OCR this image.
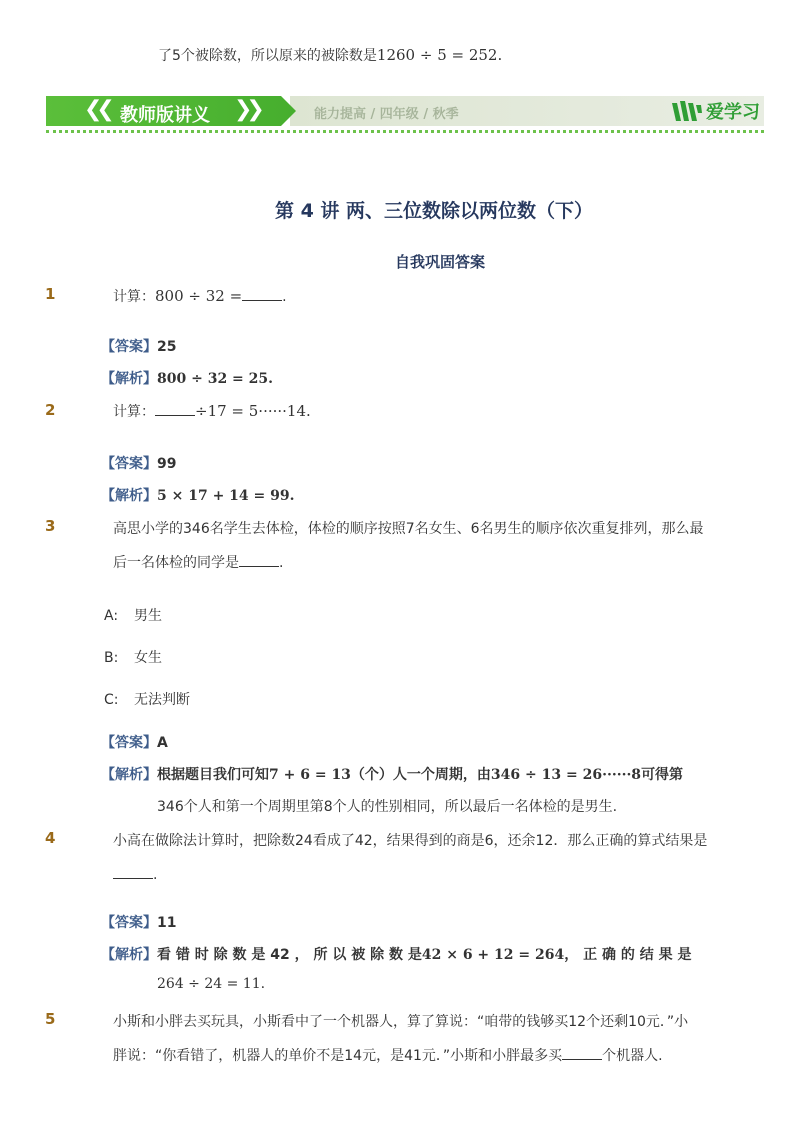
了5个被除数，所以原来的被除数是1260 ÷ 5 = 252.
❮❮ 教师版讲义 ❯❯	能力提高 / 四年级 / 秋季	爱学习
第 4 讲 两、三位数除以两位数（下）
自我巩固答案
1	计算：800 ÷ 32 =	.
【答案】25
【解析】800 ÷ 32 = 25.
2	计算：	÷17 = 5······14.
【答案】99
【解析】5 × 17 + 14 = 99.
3	高思小学的346名学生去体检，体检的顺序按照7名女生、6名男生的顺序依次重复排列，那么最
后一名体检的同学是	.
A: 男生
B: 女生
C: 无法判断
【答案】A
【解析】根据题目我们可知7 + 6 = 13（个）人一个周期，由346 ÷ 13 = 26······8可得第
346个人和第一个周期里第8个人的性别相同，所以最后一名体检的是男生.
4	小高在做除法计算时，把除数24看成了42，结果得到的商是6，还余12．那么正确的算式结果是
.
【答案】11
【解析】看 错 时 除 数 是 42 ， 所 以 被 除 数 是42 × 6 + 12 = 264， 正 确 的 结 果 是
264 ÷ 24 = 11.
5	小斯和小胖去买玩具，小斯看中了一个机器人，算了算说：“咱带的钱够买12个还剩10元．”小
胖说：“你看错了，机器人的单价不是14元，是41元．”小斯和小胖最多买	个机器人.
